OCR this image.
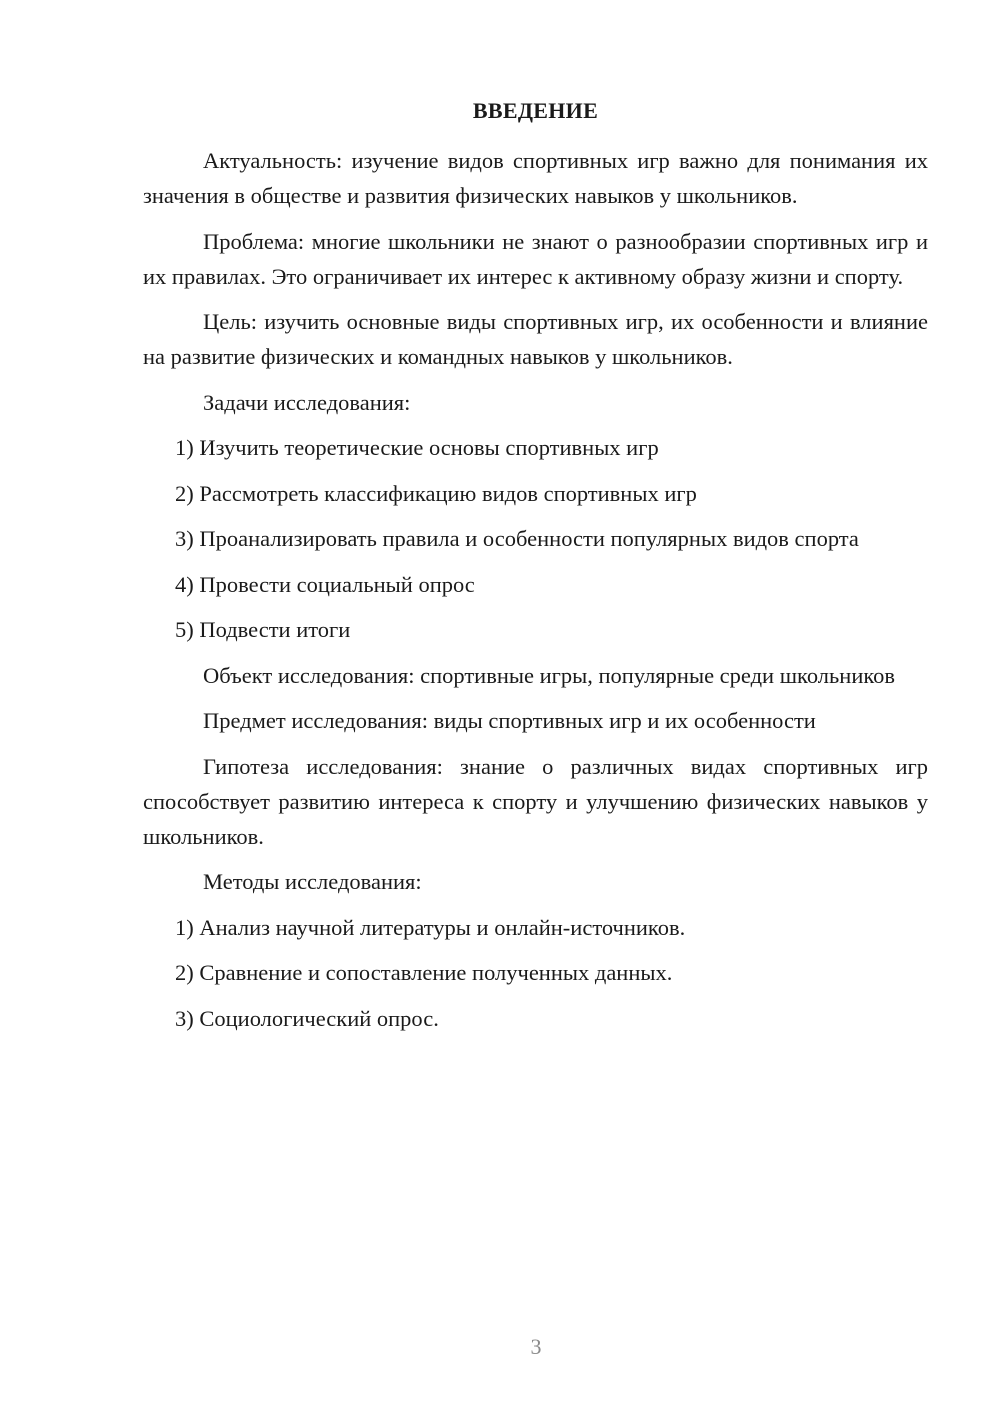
ВВЕДЕНИЕ

Актуальность: изучение видов спортивных игр важно для понимания их значения в обществе и развития физических навыков у школьников.

Проблема: многие школьники не знают о разнообразии спортивных игр и их правилах. Это ограничивает их интерес к активному образу жизни и спорту.

Цель: изучить основные виды спортивных игр, их особенности и влияние на развитие физических и командных навыков у школьников.

Задачи исследования:

1) Изучить теоретические основы спортивных игр

2) Рассмотреть классификацию видов спортивных игр

3) Проанализировать правила и особенности популярных видов спорта

4) Провести социальный опрос

5) Подвести итоги

Объект исследования: спортивные игры, популярные среди школьников

Предмет исследования: виды спортивных игр и их особенности

Гипотеза исследования: знание о различных видах спортивных игр способствует развитию интереса к спорту и улучшению физических навыков у школьников.

Методы исследования:

1) Анализ научной литературы и онлайн-источников.

2) Сравнение и сопоставление полученных данных.

3) Социологический опрос.

3
